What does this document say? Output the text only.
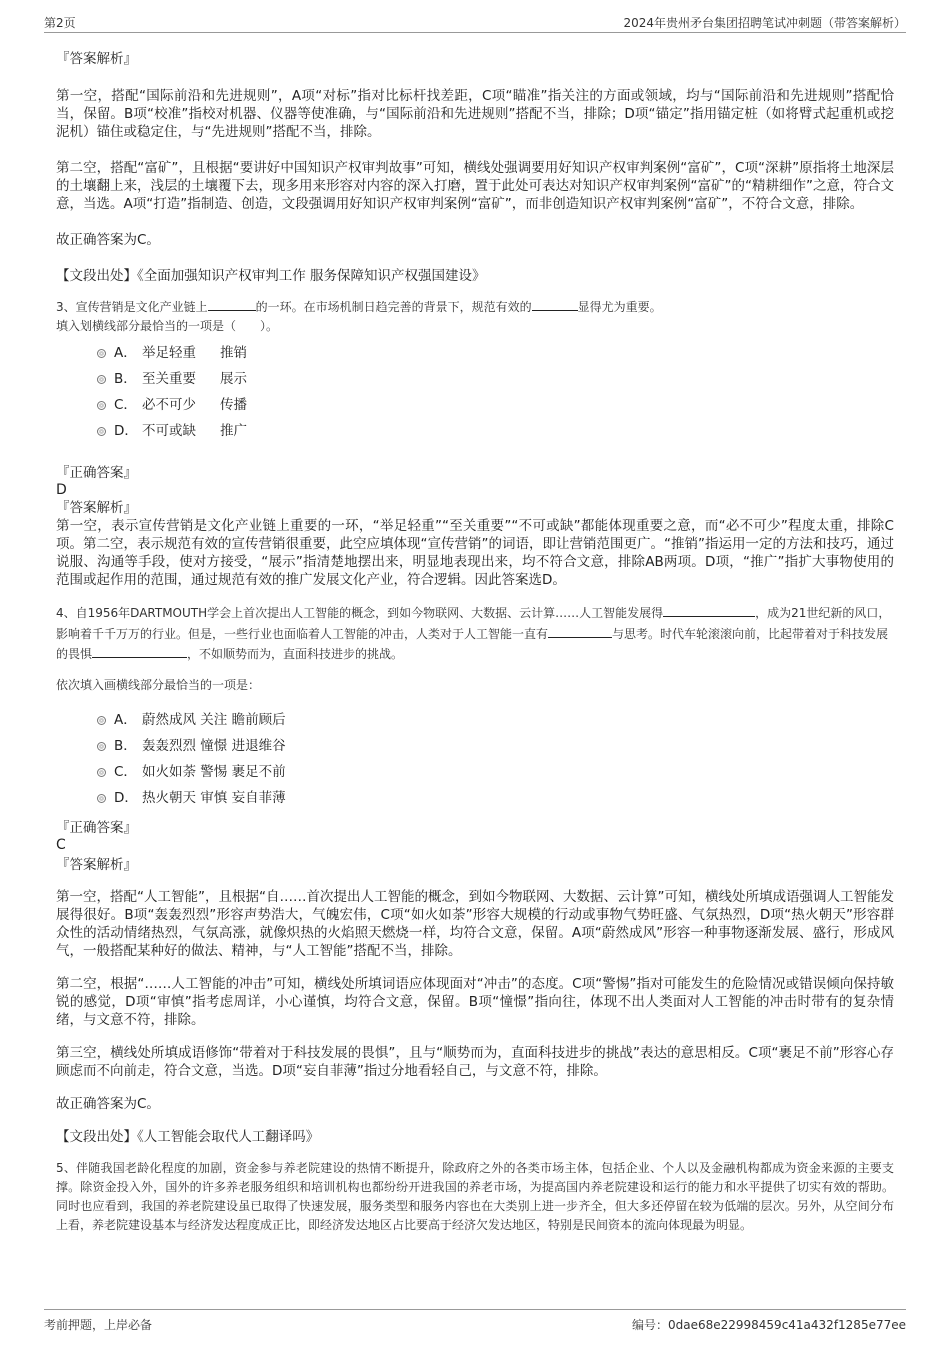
第2页	2024年贵州矛台集团招聘笔试冲刺题（带答案解析）

『答案解析』

第一空，搭配“国际前沿和先进规则”，A项“对标”指对比标杆找差距，C项“瞄准”指关注的方面或领域，均与“国际前沿和先进规则”搭配恰当，保留。B项“校准”指校对机器、仪器等使准确，与“国际前沿和先进规则”搭配不当，排除；D项“锚定”指用锚定桩（如将臂式起重机或挖泥机）锚住或稳定住，与“先进规则”搭配不当，排除。

第二空，搭配“富矿”，且根据“要讲好中国知识产权审判故事”可知，横线处强调要用好知识产权审判案例“富矿”，C项“深耕”原指将土地深层的土壤翻上来，浅层的土壤覆下去，现多用来形容对内容的深入打磨，置于此处可表达对知识产权审判案例“富矿”的“精耕细作”之意，符合文意，当选。A项“打造”指制造、创造，文段强调用好知识产权审判案例“富矿”，而非创造知识产权审判案例“富矿”，不符合文意，排除。

故正确答案为C。

【文段出处】《全面加强知识产权审判工作 服务保障知识产权强国建设》

3、宣传营销是文化产业链上	的一环。在市场机制日趋完善的背景下，规范有效的	显得尤为重要。

填入划横线部分最恰当的一项是（　　）。

A． 举足轻重 推销
B． 至关重要 展示
C． 必不可少 传播
D． 不可或缺 推广

『正确答案』

D

『答案解析』

第一空，表示宣传营销是文化产业链上重要的一环，“举足轻重”“至关重要”“不可或缺”都能体现重要之意，而“必不可少”程度太重，排除C项。第二空，表示规范有效的宣传营销很重要，此空应填体现“宣传营销”的词语，即让营销范围更广。“推销”指运用一定的方法和技巧，通过说服、沟通等手段，使对方接受，“展示”指清楚地摆出来，明显地表现出来，均不符合文意，排除AB两项。D项，“推广”指扩大事物使用的范围或起作用的范围，通过规范有效的推广发展文化产业，符合逻辑。因此答案选D。

4、自1956年DARTMOUTH学会上首次提出人工智能的概念，到如今物联网、大数据、云计算……人工智能发展得	，成为21世纪新的风口，影响着千千万万的行业。但是，一些行业也面临着人工智能的冲击，人类对于人工智能一直有	与思考。时代车轮滚滚向前，比起带着对于科技发展的畏惧	，不如顺势而为，直面科技进步的挑战。

依次填入画横线部分最恰当的一项是：

A． 蔚然成风 关注 瞻前顾后
B． 轰轰烈烈 憧憬 进退维谷
C． 如火如荼 警惕 裹足不前
D． 热火朝天 审慎 妄自菲薄

『正确答案』

C

『答案解析』

第一空，搭配“人工智能”，且根据“自……首次提出人工智能的概念，到如今物联网、大数据、云计算”可知，横线处所填成语强调人工智能发展得很好。B项“轰轰烈烈”形容声势浩大，气魄宏伟，C项“如火如荼”形容大规模的行动或事物气势旺盛、气氛热烈，D项“热火朝天”形容群众性的活动情绪热烈，气氛高涨，就像炽热的火焰照天燃烧一样，均符合文意，保留。A项“蔚然成风”形容一种事物逐渐发展、盛行，形成风气，一般搭配某种好的做法、精神，与“人工智能”搭配不当，排除。

第二空，根据“……人工智能的冲击”可知，横线处所填词语应体现面对“冲击”的态度。C项“警惕”指对可能发生的危险情况或错误倾向保持敏锐的感觉，D项“审慎”指考虑周详，小心谨慎，均符合文意，保留。B项“憧憬”指向往，体现不出人类面对人工智能的冲击时带有的复杂情绪，与文意不符，排除。

第三空，横线处所填成语修饰“带着对于科技发展的畏惧”，且与“顺势而为，直面科技进步的挑战”表达的意思相反。C项“裹足不前”形容心存顾虑而不向前走，符合文意，当选。D项“妄自菲薄”指过分地看轻自己，与文意不符，排除。

故正确答案为C。

【文段出处】《人工智能会取代人工翻译吗》

5、伴随我国老龄化程度的加剧，资金参与养老院建设的热情不断提升，除政府之外的各类市场主体，包括企业、个人以及金融机构都成为资金来源的主要支撑。除资金投入外，国外的许多养老服务组织和培训机构也都纷纷开进我国的养老市场，为提高国内养老院建设和运行的能力和水平提供了切实有效的帮助。同时也应看到，我国的养老院建设虽已取得了快速发展，服务类型和服务内容也在大类别上进一步齐全，但大多还停留在较为低端的层次。另外，从空间分布上看，养老院建设基本与经济发达程度成正比，即经济发达地区占比要高于经济欠发达地区，特别是民间资本的流向体现最为明显。

考前押题，上岸必备	编号：0dae68e22998459c41a432f1285e77ee
